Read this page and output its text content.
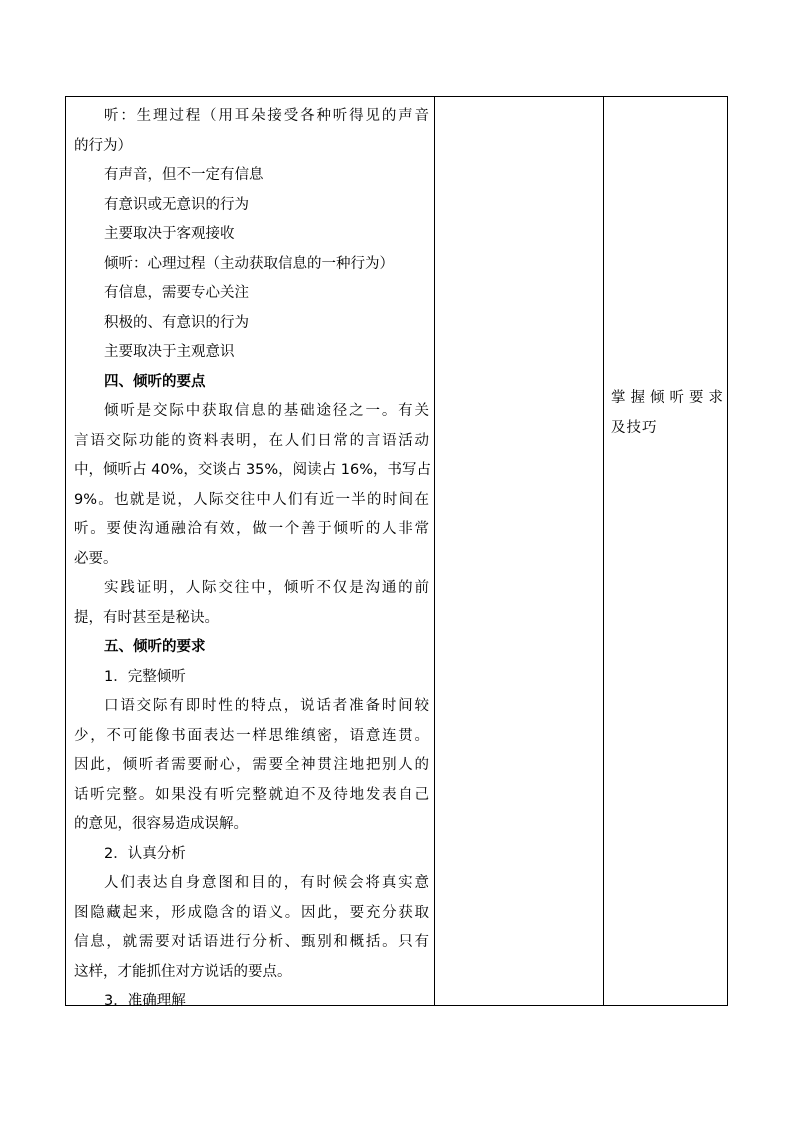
听：生理过程（用耳朵接受各种听得见的声音
的行为）
有声音，但不一定有信息
有意识或无意识的行为
主要取决于客观接收
倾听：心理过程（主动获取信息的一种行为）
有信息，需要专心关注
积极的、有意识的行为
主要取决于主观意识
四、倾听的要点
倾听是交际中获取信息的基础途径之一。有关
言语交际功能的资料表明，在人们日常的言语活动
中，倾听占 40%，交谈占 35%，阅读占 16%，书写占
9%。也就是说，人际交往中人们有近一半的时间在
听。要使沟通融洽有效，做一个善于倾听的人非常
必要。
实践证明，人际交往中，倾听不仅是沟通的前
提，有时甚至是秘诀。
五、倾听的要求
1．完整倾听
口语交际有即时性的特点，说话者准备时间较
少，不可能像书面表达一样思维缜密，语意连贯。
因此，倾听者需要耐心，需要全神贯注地把别人的
话听完整。如果没有听完整就迫不及待地发表自己
的意见，很容易造成误解。
2．认真分析
人们表达自身意图和目的，有时候会将真实意
图隐藏起来，形成隐含的语义。因此，要充分获取
信息，就需要对话语进行分析、甄别和概括。只有
这样，才能抓住对方说话的要点。
3．准确理解
掌握倾听要求
及技巧
